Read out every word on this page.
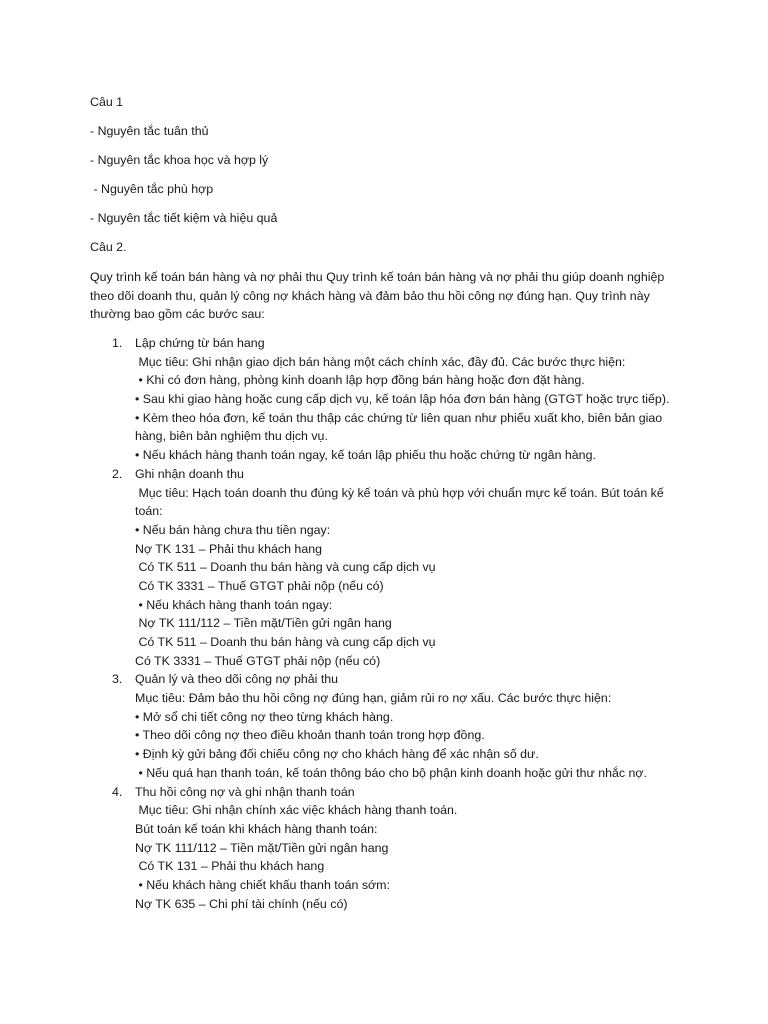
Câu 1
- Nguyên tắc tuân thủ
- Nguyên tắc khoa học và hợp lý
- Nguyên tắc phù hợp
- Nguyên tắc tiết kiệm và hiệu quả
Câu 2.
Quy trình kế toán bán hàng và nợ phải thu Quy trình kế toán bán hàng và nợ phải thu giúp doanh nghiệp
theo dõi doanh thu, quản lý công nợ khách hàng và đảm bảo thu hồi công nợ đúng hạn. Quy trình này
thường bao gồm các bước sau:
1. Lập chứng từ bán hang
Mục tiêu: Ghi nhận giao dịch bán hàng một cách chính xác, đầy đủ. Các bước thực hiện:
• Khi có đơn hàng, phòng kinh doanh lập hợp đồng bán hàng hoặc đơn đặt hàng.
• Sau khi giao hàng hoặc cung cấp dịch vụ, kế toán lập hóa đơn bán hàng (GTGT hoặc trực tiếp).
• Kèm theo hóa đơn, kế toán thu thập các chứng từ liên quan như phiếu xuất kho, biên bản giao
hàng, biên bản nghiệm thu dịch vụ.
• Nếu khách hàng thanh toán ngay, kế toán lập phiếu thu hoặc chứng từ ngân hàng.
2. Ghi nhận doanh thu
Mục tiêu: Hạch toán doanh thu đúng kỳ kế toán và phù hợp với chuẩn mực kế toán. Bút toán kế
toán:
• Nếu bán hàng chưa thu tiền ngay:
Nợ TK 131 – Phải thu khách hang
Có TK 511 – Doanh thu bán hàng và cung cấp dịch vụ
Có TK 3331 – Thuế GTGT phải nộp (nếu có)
• Nếu khách hàng thanh toán ngay:
Nợ TK 111/112 – Tiền mặt/Tiền gửi ngân hang
Có TK 511 – Doanh thu bán hàng và cung cấp dịch vụ
Có TK 3331 – Thuế GTGT phải nộp (nếu có)
3. Quản lý và theo dõi công nợ phải thu
Mục tiêu: Đảm bảo thu hồi công nợ đúng hạn, giảm rủi ro nợ xấu. Các bước thực hiện:
• Mở sổ chi tiết công nợ theo từng khách hàng.
• Theo dõi công nợ theo điều khoản thanh toán trong hợp đồng.
• Định kỳ gửi bảng đối chiếu công nợ cho khách hàng để xác nhận số dư.
• Nếu quá hạn thanh toán, kế toán thông báo cho bộ phận kinh doanh hoặc gửi thư nhắc nợ.
4. Thu hồi công nợ và ghi nhận thanh toán
Mục tiêu: Ghi nhận chính xác việc khách hàng thanh toán.
Bút toán kế toán khi khách hàng thanh toán:
Nợ TK 111/112 – Tiền mặt/Tiền gửi ngân hang
Có TK 131 – Phải thu khách hang
• Nếu khách hàng chiết khấu thanh toán sớm:
Nợ TK 635 – Chi phí tài chính (nếu có)
